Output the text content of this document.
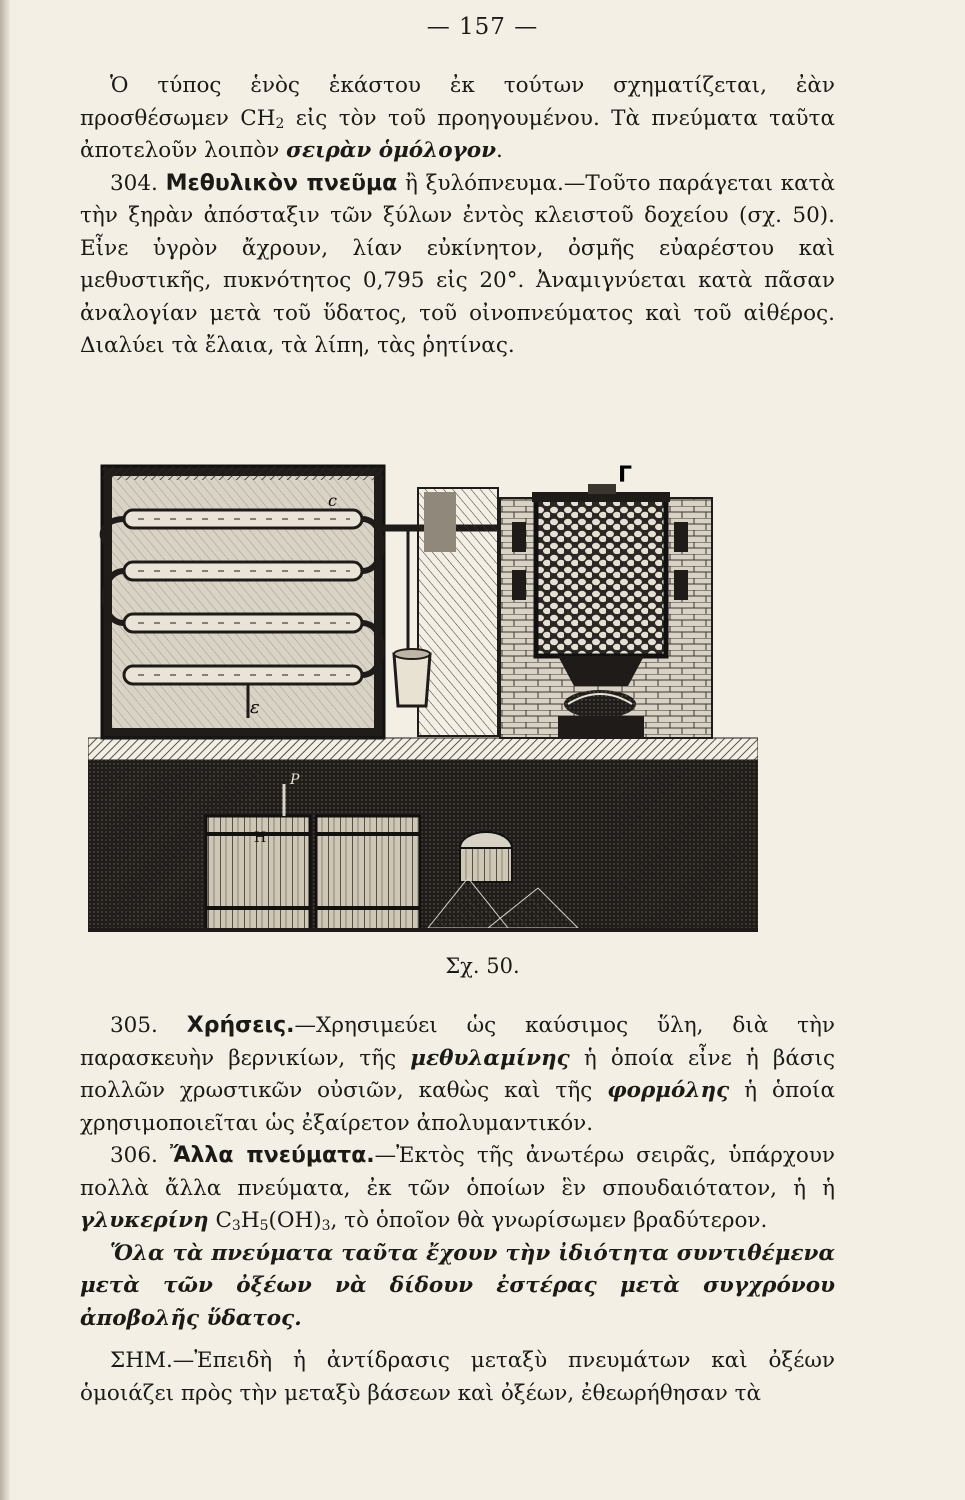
— 157 —

Ὁ τύπος ἑνὸς ἑκάστου ἐκ τούτων σχηματίζεται, ἐὰν προσθέσωμεν $CH_2$ εἰς τὸν τοῦ προηγουμένου. Τὰ πνεύματα ταῦτα ἀποτελοῦν λοιπὸν σειρὰν ὁμόλογον.

304. Μεθυλικὸν πνεῦμα ἢ ξυλόπνευμα.—Τοῦτο παράγεται κατὰ τὴν ξηρὰν ἀπόσταξιν τῶν ξύλων ἐντὸς κλειστοῦ δοχείου (σχ. 50). Εἶνε ὑγρὸν ἄχρουν, λίαν εὐκίνητον, ὀσμῆς εὐαρέστου καὶ μεθυστικῆς, πυκνότητος 0,795 εἰς 20°. Ἀναμιγνύεται κατὰ πᾶσαν ἀναλογίαν μετὰ τοῦ ὕδατος, τοῦ οἰνοπνεύματος καὶ τοῦ αἰθέρος. Διαλύει τὰ ἔλαια, τὰ λίπη, τὰς ῥητίνας.

ε
c
Γ
Η
P
Σχ. 50.

305. Χρήσεις.—Χρησιμεύει ὡς καύσιμος ὕλη, διὰ τὴν παρασκευὴν βερνικίων, τῆς μεθυλαμίνης ἡ ὁποία εἶνε ἡ βάσις πολλῶν χρωστικῶν οὐσιῶν, καθὼς καὶ τῆς φορμόλης ἡ ὁποία χρησιμοποιεῖται ὡς ἐξαίρετον ἀπολυμαντικόν.

306. Ἄλλα πνεύματα.—Ἐκτὸς τῆς ἀνωτέρω σειρᾶς, ὑπάρχουν πολλὰ ἄλλα πνεύματα, ἐκ τῶν ὁποίων ἓν σπουδαιότατον, ἡ ἡ γλυκερίνη $C_3H_5(OH)_3$, τὸ ὁποῖον θὰ γνωρίσωμεν βραδύτερον.

Ὅλα τὰ πνεύματα ταῦτα ἔχουν τὴν ἰδιότητα συντιθέμενα μετὰ τῶν ὀξέων νὰ δίδουν ἐστέρας μετὰ συγχρόνου ἀποβολῆς ὕδατος.

ΣΗΜ.—Ἐπειδὴ ἡ ἀντίδρασις μεταξὺ πνευμάτων καὶ ὀξέων ὁμοιάζει πρὸς τὴν μεταξὺ βάσεων καὶ ὀξέων, ἐθεωρήθησαν τὰ
